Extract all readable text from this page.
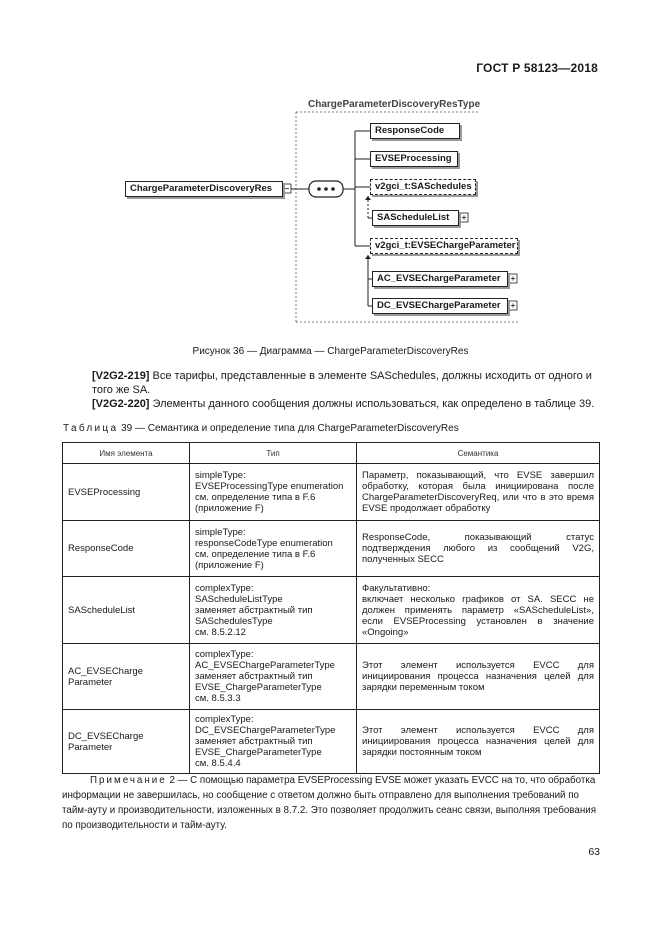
ГОСТ Р 58123—2018
ChargeParameterDiscoveryResType
ChargeParameterDiscoveryRes
ResponseCode
EVSEProcessing
v2gci_t:SASchedules
SAScheduleList
v2gci_t:EVSEChargeParameter
AC_EVSEChargeParameter
DC_EVSEChargeParameter
Рисунок 36 — Диаграмма — ChargeParameterDiscoveryRes
[V2G2-219] Все тарифы, представленные в элементе SASchedules, должны исходить от одного и того же SA.
[V2G2-220] Элементы данного сообщения должны использоваться, как определено в таблице 39.
Таблица 39 — Семантика и определение типа для ChargeParameterDiscoveryRes
Имя элемента	Тип	Семантика

EVSEProcessing	simpleType:
EVSEProcessingType enumeration
см. определение типа в F.6
(приложение F)	Параметр, показывающий, что EVSE завершил обработку, которая была инициирована после ChargeParameterDiscoveryReq, или что в это время EVSE продолжает обработку

ResponseCode	simpleType:
responseCodeType enumeration
см. определение типа в F.6
(приложение F)	ResponseCode, показывающий статус подтверждения любого из сообщений V2G, полученных SECC

SAScheduleList	complexType:
SAScheduleListType
заменяет абстрактный тип
SASchedulesType
см. 8.5.2.12	Факультативно:
включает несколько графиков от SA. SECC не должен применять параметр «SAScheduleList», если EVSEProcessing установлен в значение «Ongoing»

AC_EVSECharge
Parameter	complexType:
AC_EVSEChargeParameterType
заменяет абстрактный тип
EVSE_ChargeParameterType
см. 8.5.3.3	Этот элемент используется EVCC для инициирования процесса назначения целей для зарядки переменным током

DC_EVSECharge
Parameter	complexType:
DC_EVSEChargeParameterType
заменяет абстрактный тип
EVSE_ChargeParameterType
см. 8.5.4.4	Этот элемент используется EVCC для инициирования процесса назначения целей для зарядки постоянным током
Примечание 2 — С помощью параметра EVSEProcessing EVSE может указать EVCC на то, что обработка информации не завершилась, но сообщение с ответом должно быть отправлено для выполнения требований по тайм-ауту и производительности, изложенных в 8.7.2. Это позволяет продолжить сеанс связи, выполняя требования по производительности и тайм-ауту.
63
